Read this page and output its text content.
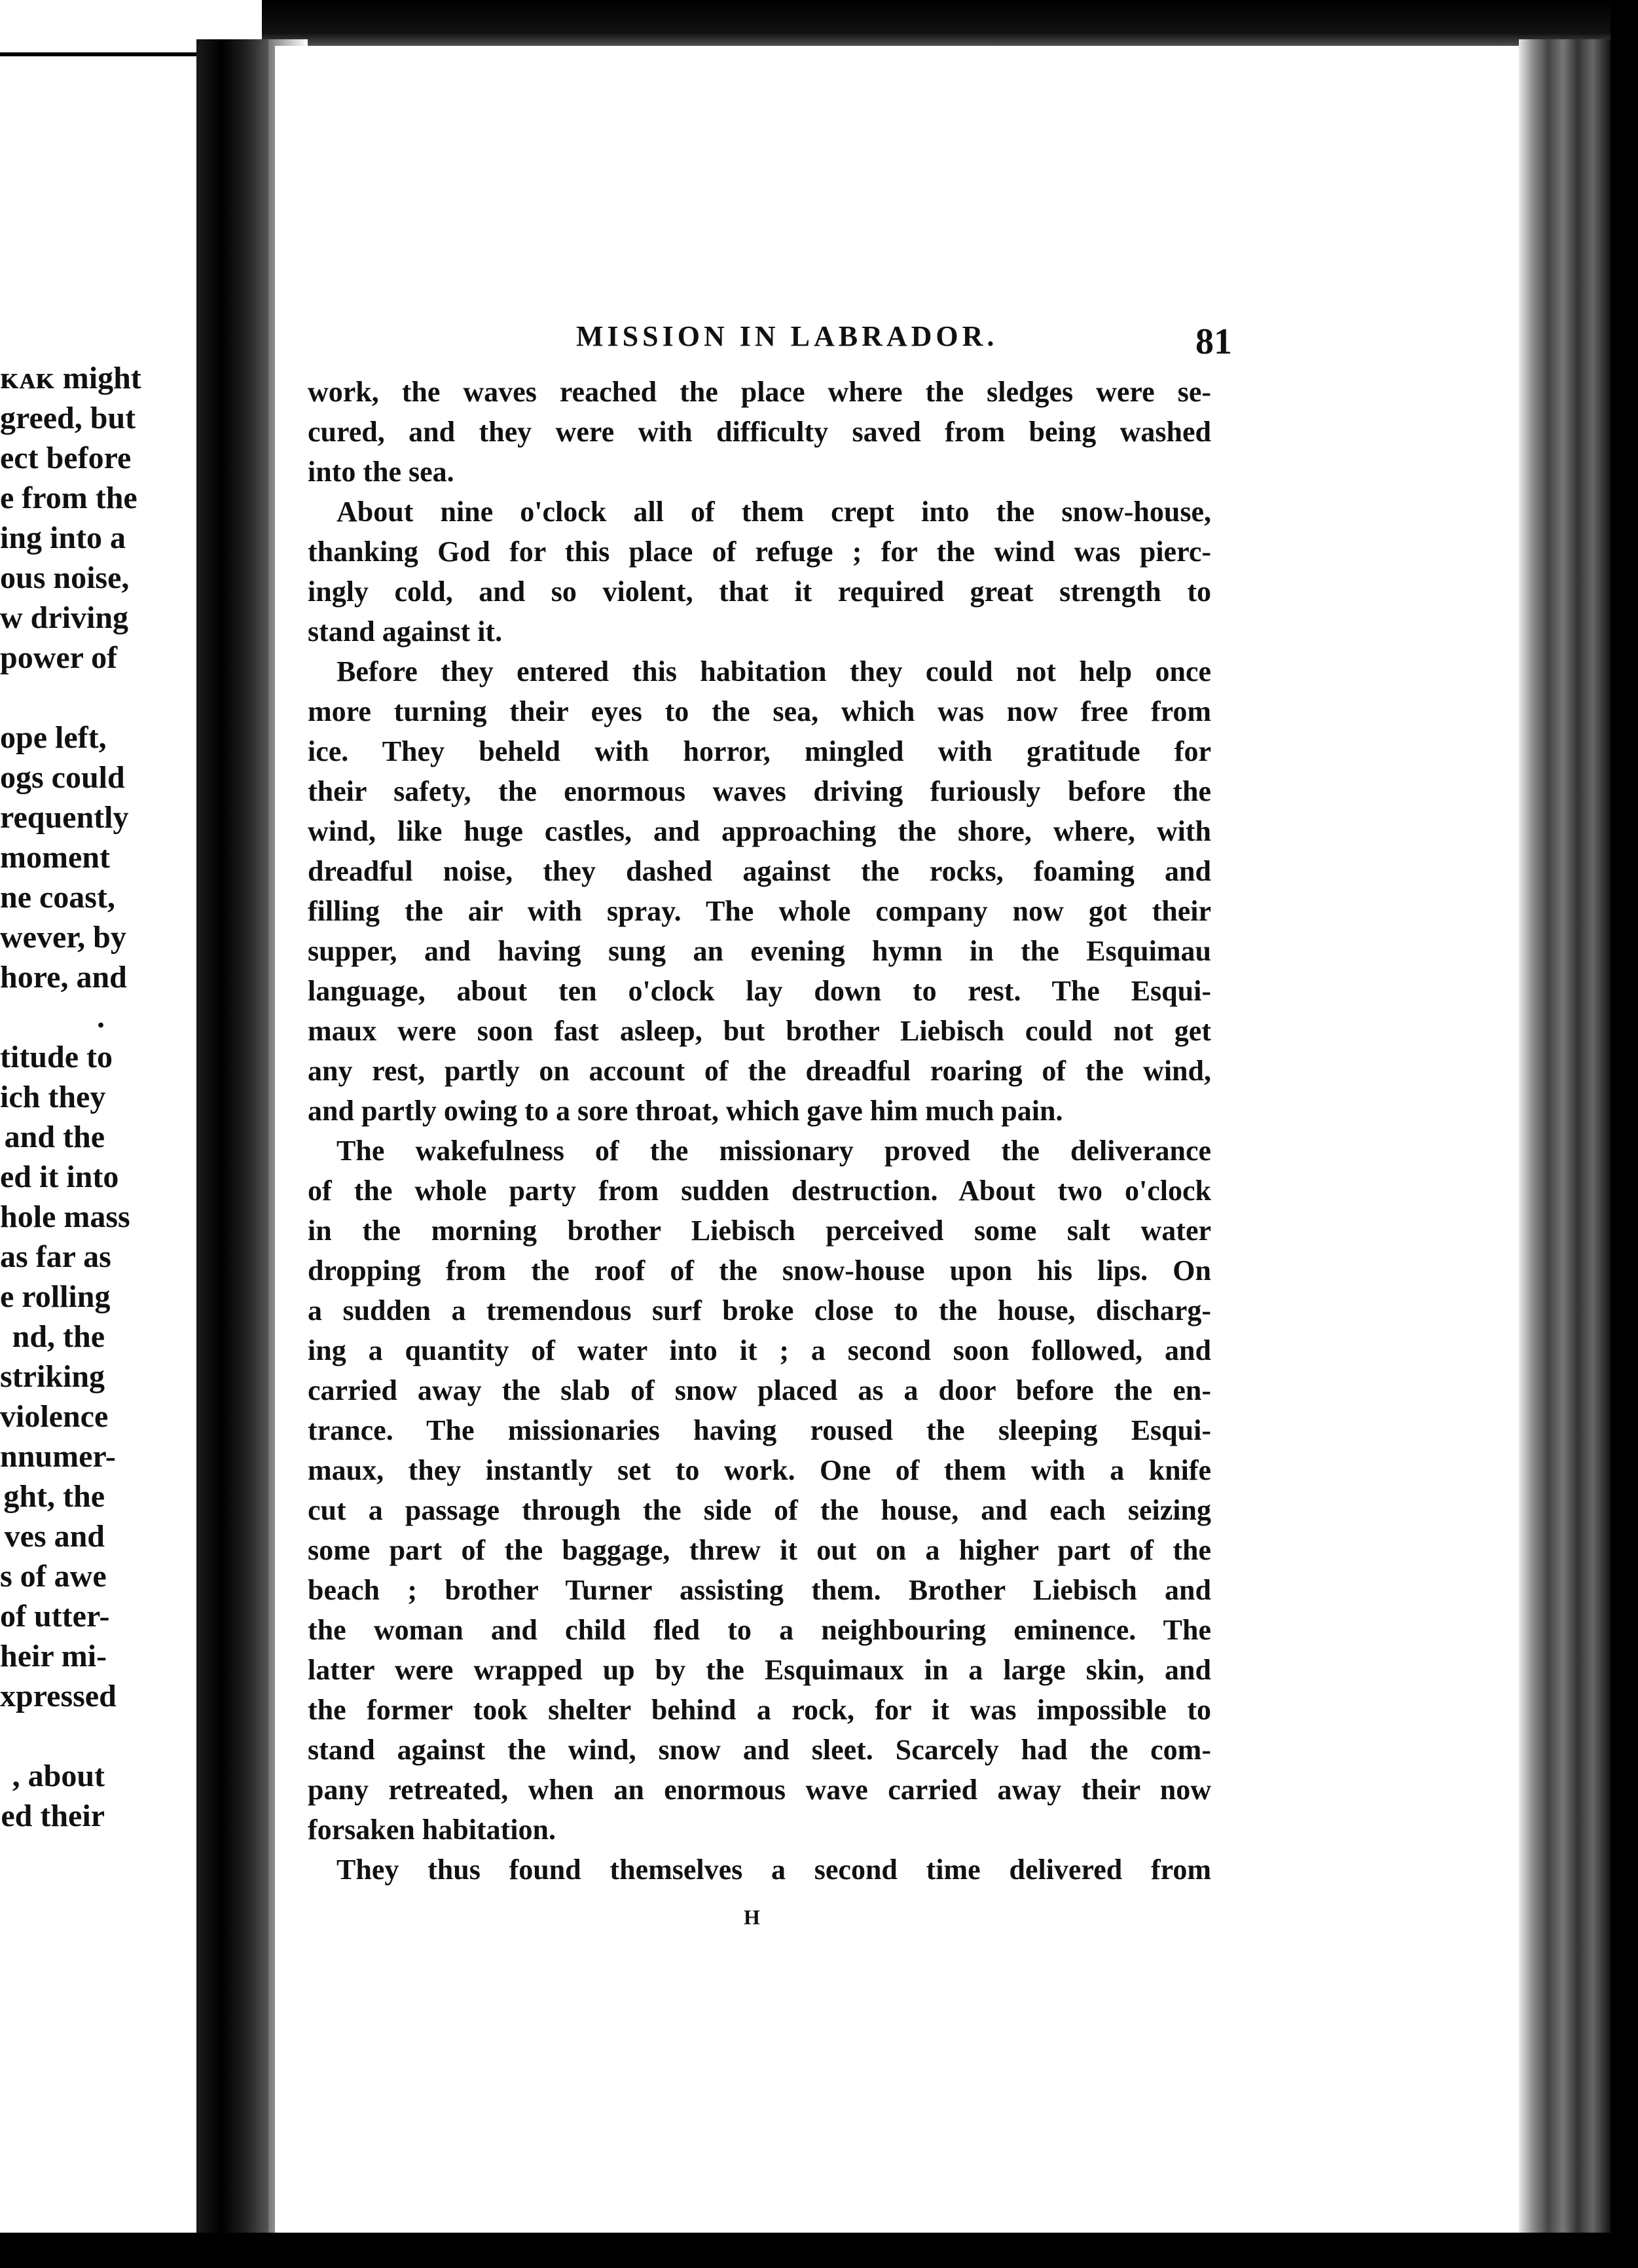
ᴋᴀᴋ might
greed, but
ect before
e from the
ing into a
ous noise,
w driving
power of
ope left,
ogs could
requently
moment
ne coast,
wever, by
hore, and
.
titude to
ich they
and the
ed it into
hole mass
as far as
e rolling
nd, the
striking
violence
nnumer-
ght, the
ves and
s of awe
of utter-
heir mi-
xpressed
, about
ed their
MISSION IN LABRADOR.	81
work, the waves reached the place where the sledges were se-
cured, and they were with difficulty saved from being washed
into the sea.
About nine o'clock all of them crept into the snow-house,
thanking God for this place of refuge ; for the wind was pierc-
ingly cold, and so violent, that it required great strength to
stand against it.
Before they entered this habitation they could not help once
more turning their eyes to the sea, which was now free from
ice. They beheld with horror, mingled with gratitude for
their safety, the enormous waves driving furiously before the
wind, like huge castles, and approaching the shore, where, with
dreadful noise, they dashed against the rocks, foaming and
filling the air with spray. The whole company now got their
supper, and having sung an evening hymn in the Esquimau
language, about ten o'clock lay down to rest. The Esqui-
maux were soon fast asleep, but brother Liebisch could not get
any rest, partly on account of the dreadful roaring of the wind,
and partly owing to a sore throat, which gave him much pain.
The wakefulness of the missionary proved the deliverance
of the whole party from sudden destruction. About two o'clock
in the morning brother Liebisch perceived some salt water
dropping from the roof of the snow-house upon his lips. On
a sudden a tremendous surf broke close to the house, discharg-
ing a quantity of water into it ; a second soon followed, and
carried away the slab of snow placed as a door before the en-
trance. The missionaries having roused the sleeping Esqui-
maux, they instantly set to work. One of them with a knife
cut a passage through the side of the house, and each seizing
some part of the baggage, threw it out on a higher part of the
beach ; brother Turner assisting them. Brother Liebisch and
the woman and child fled to a neighbouring eminence. The
latter were wrapped up by the Esquimaux in a large skin, and
the former took shelter behind a rock, for it was impossible to
stand against the wind, snow and sleet. Scarcely had the com-
pany retreated, when an enormous wave carried away their now
forsaken habitation.
They thus found themselves a second time delivered from
H
